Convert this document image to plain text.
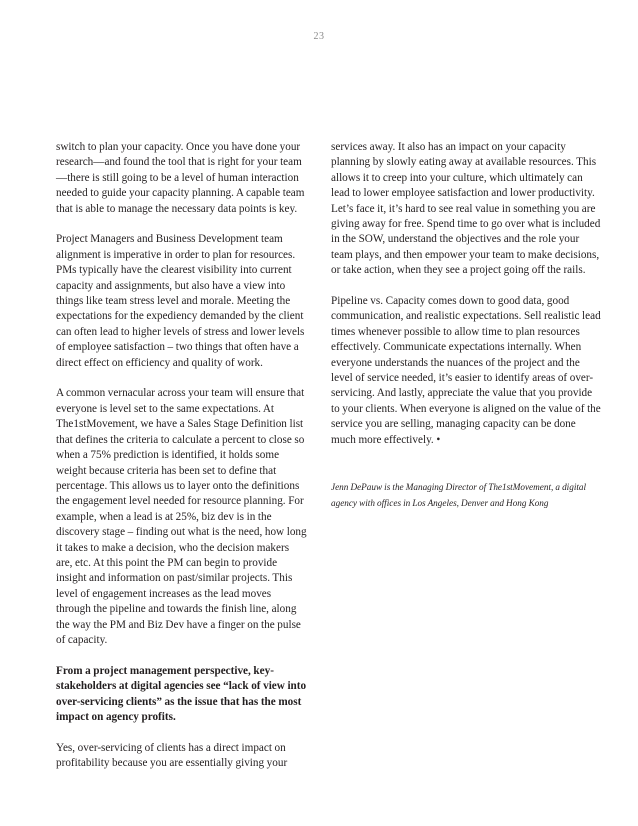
23

switch to plan your capacity. Once you have done your research—and found the tool that is right for your team—there is still going to be a level of human interaction needed to guide your capacity planning. A capable team that is able to manage the necessary data points is key.

Project Managers and Business Development team alignment is imperative in order to plan for resources. PMs typically have the clearest visibility into current capacity and assignments, but also have a view into things like team stress level and morale. Meeting the expectations for the expediency demanded by the client can often lead to higher levels of stress and lower levels of employee satisfaction – two things that often have a direct effect on efficiency and quality of work.

A common vernacular across your team will ensure that everyone is level set to the same expectations. At The1stMovement, we have a Sales Stage Definition list that defines the criteria to calculate a percent to close so when a 75% prediction is identified, it holds some weight because criteria has been set to define that percentage. This allows us to layer onto the definitions the engagement level needed for resource planning. For example, when a lead is at 25%, biz dev is in the discovery stage – finding out what is the need, how long it takes to make a decision, who the decision makers are, etc. At this point the PM can begin to provide insight and information on past/similar projects. This level of engagement increases as the lead moves through the pipeline and towards the finish line, along the way the PM and Biz Dev have a finger on the pulse of capacity.

From a project management perspective, key-stakeholders at digital agencies see “lack of view into over-servicing clients” as the issue that has the most impact on agency profits.

Yes, over-servicing of clients has a direct impact on profitability because you are essentially giving your

services away. It also has an impact on your capacity planning by slowly eating away at available resources. This allows it to creep into your culture, which ultimately can lead to lower employee satisfaction and lower productivity. Let’s face it, it’s hard to see real value in something you are giving away for free. Spend time to go over what is included in the SOW, understand the objectives and the role your team plays, and then empower your team to make decisions, or take action, when they see a project going off the rails.

Pipeline vs. Capacity comes down to good data, good communication, and realistic expectations. Sell realistic lead times whenever possible to allow time to plan resources effectively. Communicate expectations internally. When everyone understands the nuances of the project and the level of service needed, it’s easier to identify areas of over-servicing. And lastly, appreciate the value that you provide to your clients. When everyone is aligned on the value of the service you are selling, managing capacity can be done much more effectively. •

Jenn DePauw is the Managing Director of The1stMovement, a digital agency with offices in Los Angeles, Denver and Hong Kong
